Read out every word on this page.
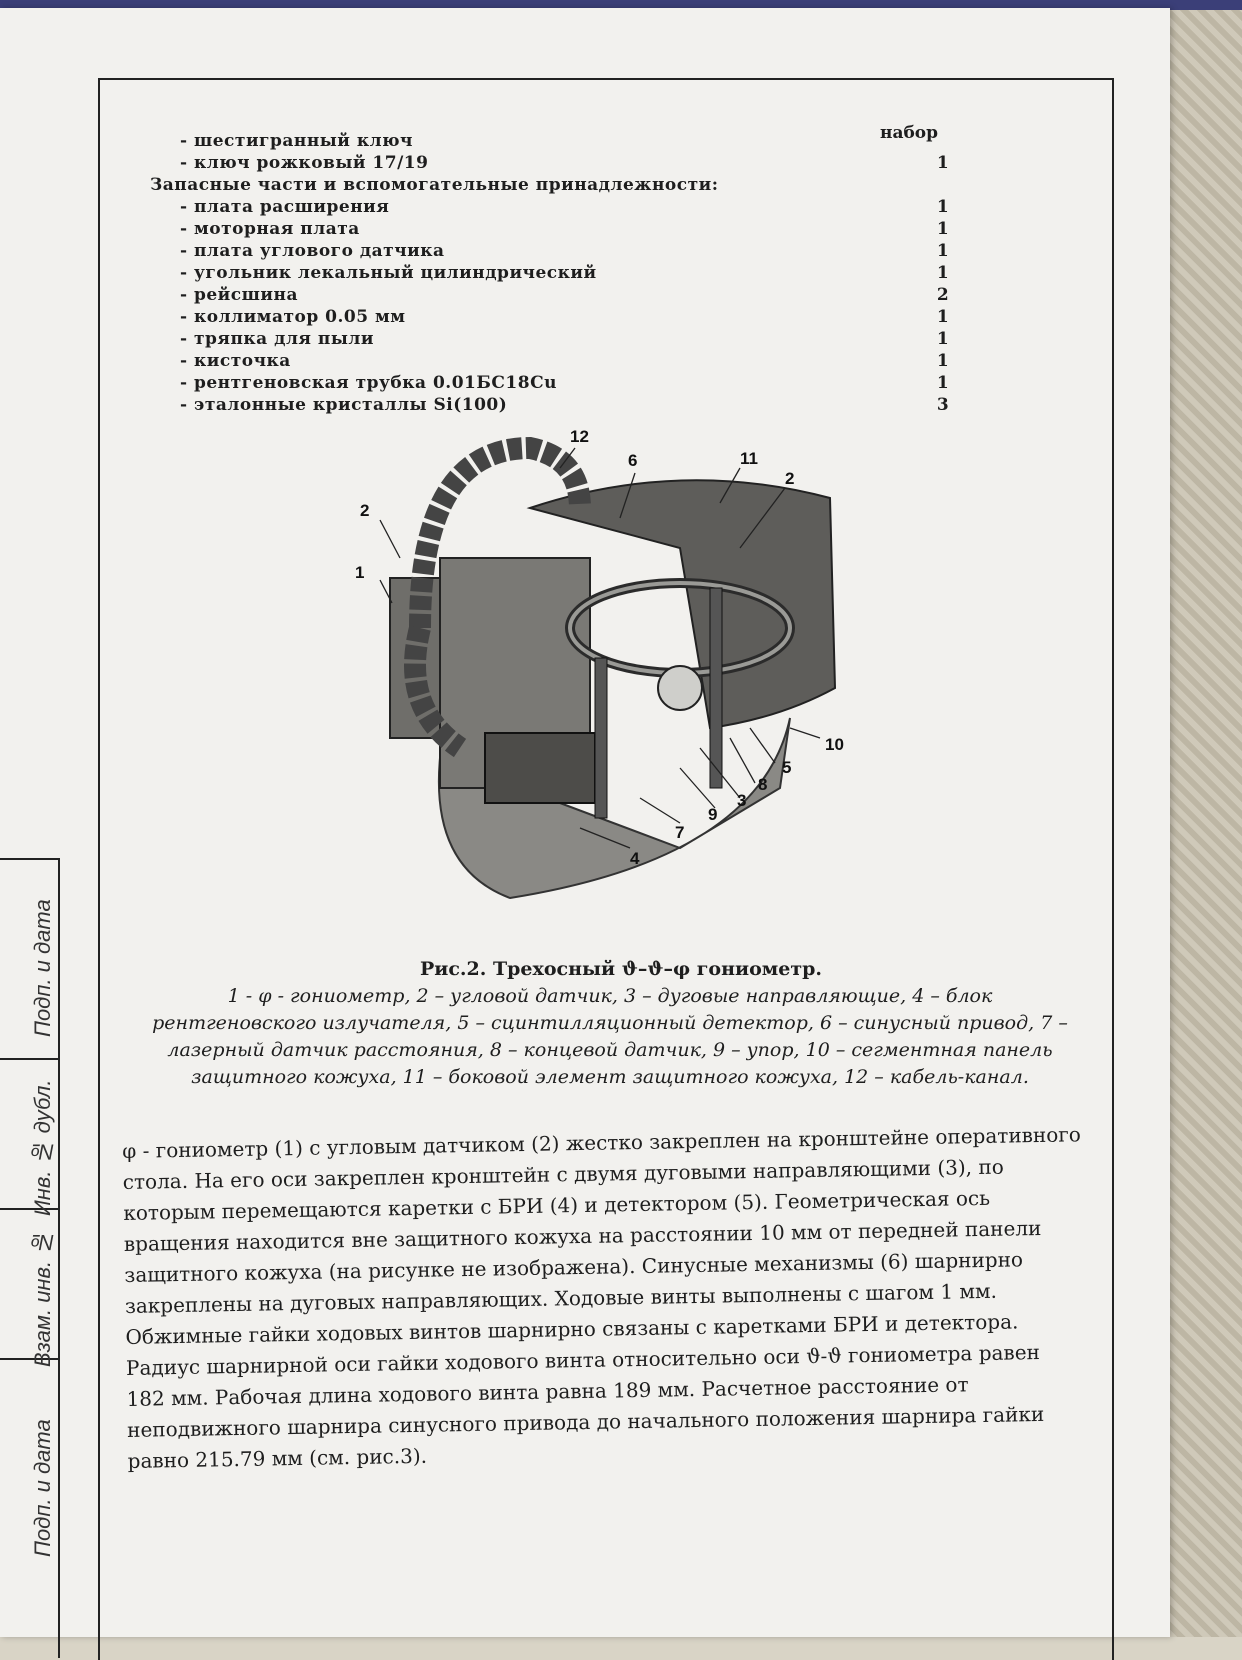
Подп. и дата
Инв. № дубл.
Взам. инв. №
Подп. и дата
набор
- шестигранный ключ
- ключ рожковый 17/19	1
Запасные части и вспомогательные принадлежности:
- плата расширения	1
- моторная плата	1
- плата углового датчика	1
- угольник лекальный цилиндрический	1
- рейсшина	2
- коллиматор 0.05 мм	1
- тряпка для пыли	1
- кисточка	1
- рентгеновская трубка 0.01БС18Cu	1
- эталонные кристаллы Si(100)	3
2
1
12
6	11
2
10
5
8
3
9
7
4
Рис.2. Трехосный ϑ–ϑ–φ гониометр.
1 - φ - гониометр, 2 – угловой датчик, 3 – дуговые направляющие, 4 – блок
рентгеновского излучателя, 5 – сцинтилляционный детектор, 6 – синусный привод, 7 –
лазерный датчик расстояния, 8 – концевой датчик, 9 – упор, 10 – сегментная панель
защитного кожуха, 11 – боковой элемент защитного кожуха, 12 – кабель-канал.
φ - гониометр (1) с угловым датчиком (2) жестко закреплен на кронштейне оперативного
стола. На его оси закреплен кронштейн с двумя дуговыми направляющими (3), по
которым перемещаются каретки с БРИ (4) и детектором (5). Геометрическая ось
вращения находится вне защитного кожуха на расстоянии 10 мм от передней панели
защитного кожуха (на рисунке не изображена). Синусные механизмы (6) шарнирно
закреплены на дуговых направляющих. Ходовые винты выполнены с шагом 1 мм.
Обжимные гайки ходовых винтов шарнирно связаны с каретками БРИ и детектора.
Радиус шарнирной оси гайки ходового винта относительно оси ϑ-ϑ гониометра равен
182 мм. Рабочая длина ходового винта равна 189 мм. Расчетное расстояние от
неподвижного шарнира синусного привода до начального положения шарнира гайки
равно 215.79 мм (см. рис.3).
